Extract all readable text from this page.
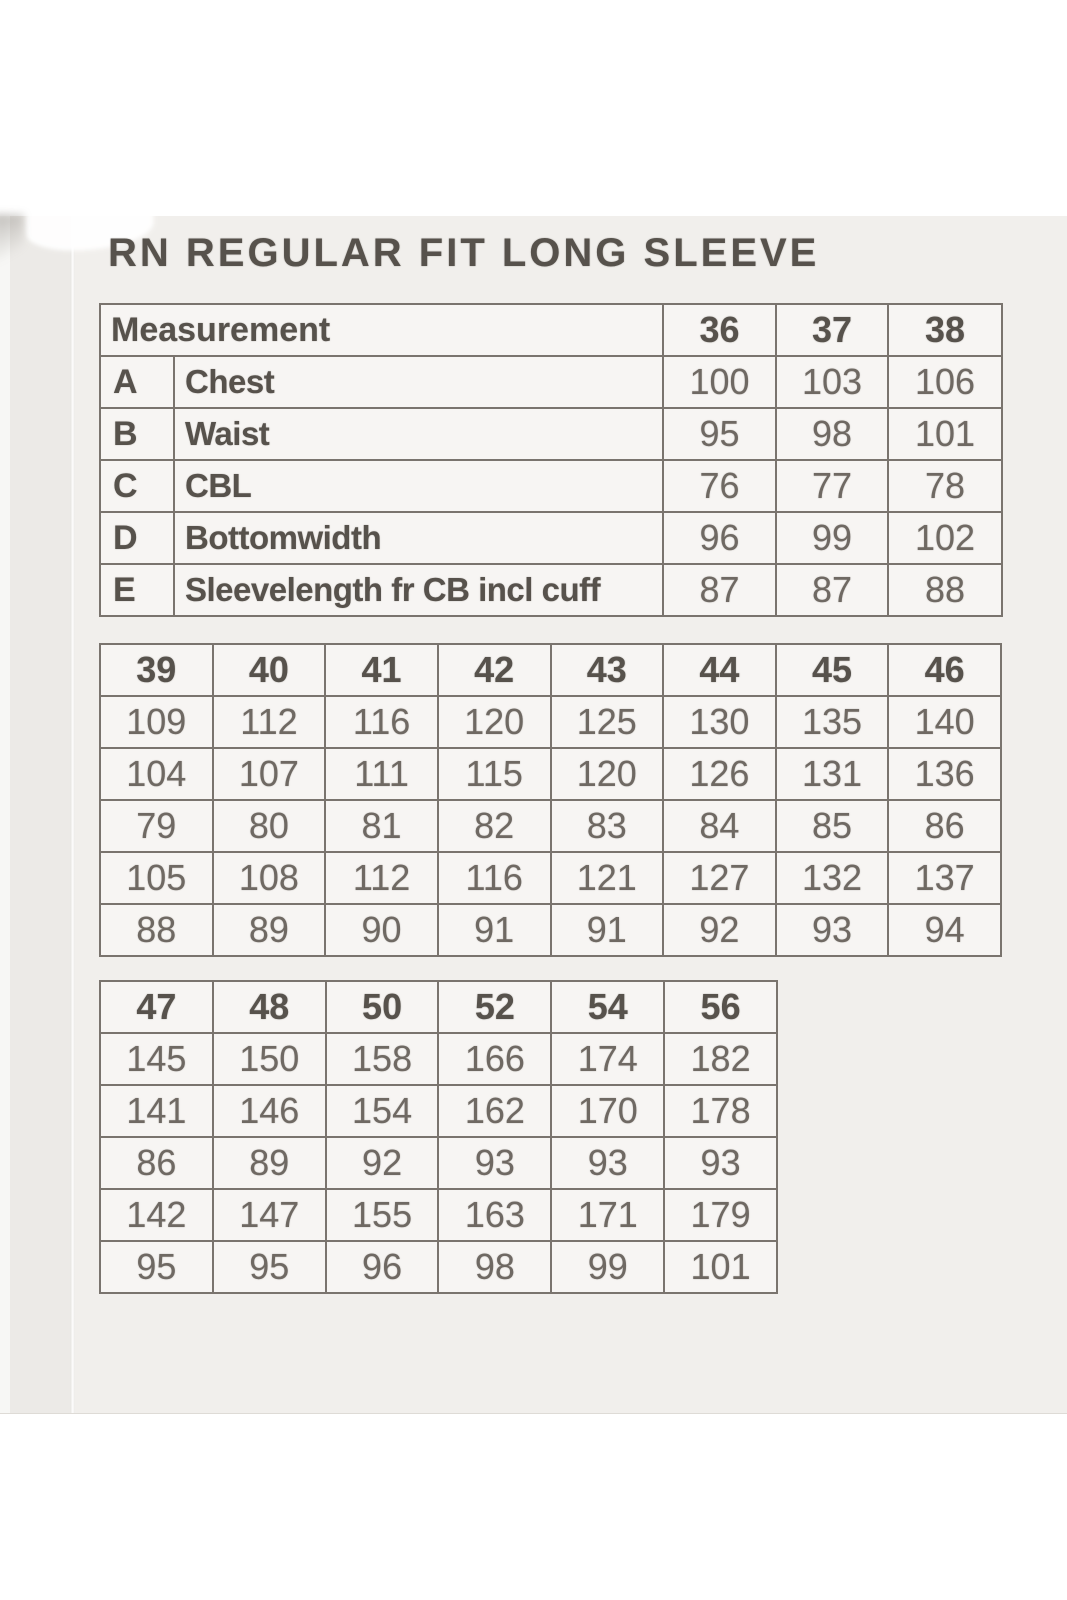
RN REGULAR FIT LONG SLEEVE
Measurement		36	37	38
A	Chest	100	103	106
B	Waist	95	98	101
C	CBL	76	77	78
D	Bottomwidth	96	99	102
E	Sleevelength fr CB incl cuff	87	87	88
39	40	41	42	43	44	45	46
109	112	116	120	125	130	135	140
104	107	111	115	120	126	131	136
79	80	81	82	83	84	85	86
105	108	112	116	121	127	132	137
88	89	90	91	91	92	93	94
47	48	50	52	54	56
145	150	158	166	174	182
141	146	154	162	170	178
86	89	92	93	93	93
142	147	155	163	171	179
95	95	96	98	99	101
